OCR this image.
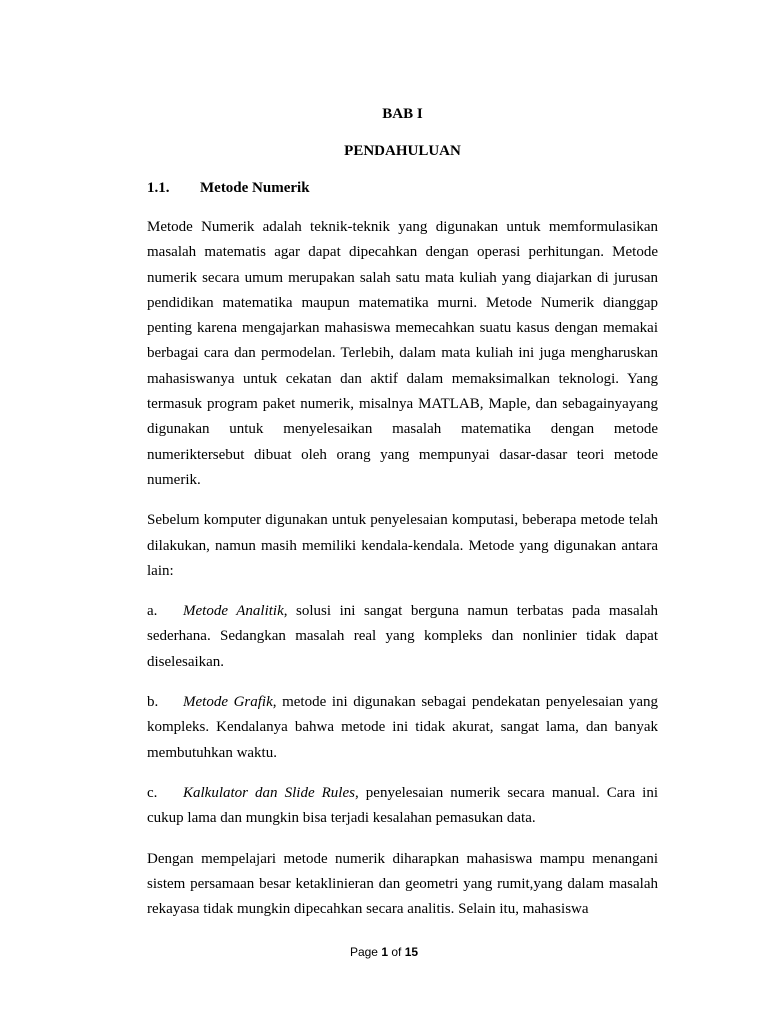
BAB I
PENDAHULUAN
1.1. Metode Numerik

Metode Numerik adalah teknik-teknik yang digunakan untuk memformulasikan masalah matematis agar dapat dipecahkan dengan operasi perhitungan. Metode numerik secara umum merupakan salah satu mata kuliah yang diajarkan di jurusan pendidikan matematika maupun matematika murni. Metode Numerik dianggap penting karena mengajarkan mahasiswa memecahkan suatu kasus dengan memakai berbagai cara dan permodelan. Terlebih, dalam mata kuliah ini juga mengharuskan mahasiswanya untuk cekatan dan aktif dalam memaksimalkan teknologi. Yang termasuk program paket numerik, misalnya MATLAB, Maple, dan sebagainyayang digunakan untuk menyelesaikan masalah matematika dengan metode numeriktersebut dibuat oleh orang yang mempunyai dasar-dasar teori metode numerik.

Sebelum komputer digunakan untuk penyelesaian komputasi, beberapa metode telah dilakukan, namun masih memiliki kendala-kendala. Metode yang digunakan antara lain:

a. Metode Analitik, solusi ini sangat berguna namun terbatas pada masalah sederhana. Sedangkan masalah real yang kompleks dan nonlinier tidak dapat diselesaikan.
b. Metode Grafik, metode ini digunakan sebagai pendekatan penyelesaian yang kompleks. Kendalanya bahwa metode ini tidak akurat, sangat lama, dan banyak membutuhkan waktu.
c. Kalkulator dan Slide Rules, penyelesaian numerik secara manual. Cara ini cukup lama dan mungkin bisa terjadi kesalahan pemasukan data.

Dengan mempelajari metode numerik diharapkan mahasiswa mampu menangani sistem persamaan besar ketaklinieran dan geometri yang rumit,yang dalam masalah rekayasa tidak mungkin dipecahkan secara analitis. Selain itu, mahasiswa

Page 1 of 15
